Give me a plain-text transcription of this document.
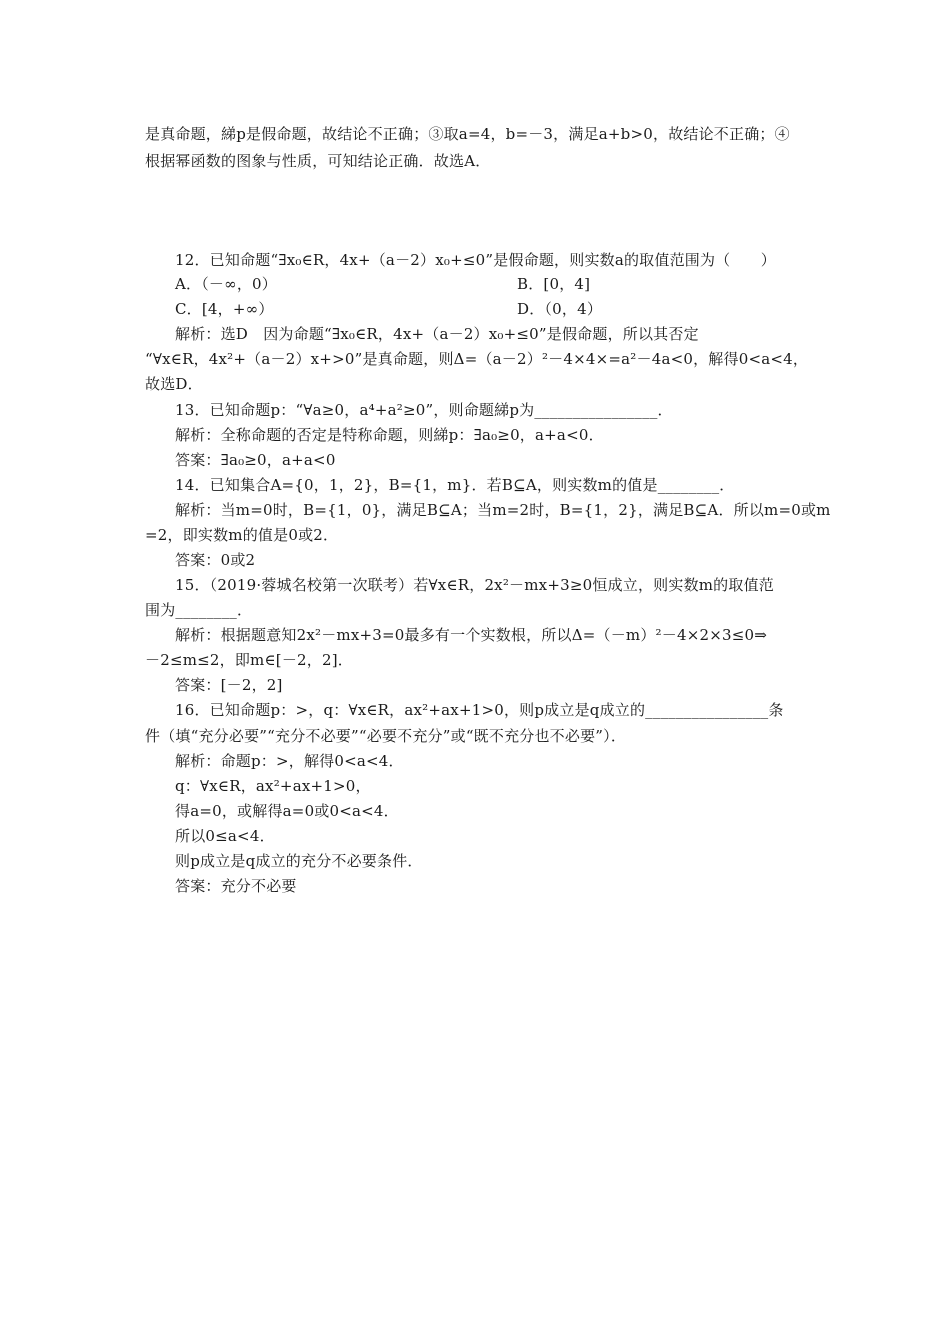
是真命题，綈p是假命题，故结论不正确；③取a=4，b=－3，满足a+b>0，故结论不正确；④
根据幂函数的图象与性质，可知结论正确．故选A．
12．已知命题“∃x₀∈R，4x+（a－2）x₀+≤0”是假命题，则实数a的取值范围为（　　）
A．（－∞，0）	B．[0，4]
C．[4，+∞）	D．（0，4）
解析：选D　因为命题“∃x₀∈R，4x+（a－2）x₀+≤0”是假命题，所以其否定
“∀x∈R，4x²+（a－2）x+>0”是真命题，则Δ=（a－2）²－4×4×=a²－4a<0，解得0<a<4，
故选D．
13．已知命题p：“∀a≥0，a⁴+a²≥0”，则命题綈p为________________．
解析：全称命题的否定是特称命题，则綈p：∃a₀≥0，a+a<0．
答案：∃a₀≥0，a+a<0
14．已知集合A={0，1，2}，B={1，m}．若B⊆A，则实数m的值是________．
解析：当m=0时，B={1，0}，满足B⊆A；当m=2时，B={1，2}，满足B⊆A．所以m=0或m
=2，即实数m的值是0或2．
答案：0或2
15．（2019·蓉城名校第一次联考）若∀x∈R，2x²－mx+3≥0恒成立，则实数m的取值范
围为________．
解析：根据题意知2x²－mx+3=0最多有一个实数根，所以Δ=（－m）²－4×2×3≤0⇒
－2≤m≤2，即m∈[－2，2]．
答案：[－2，2]
16．已知命题p：>，q：∀x∈R，ax²+ax+1>0，则p成立是q成立的________________条
件（填“充分必要”“充分不必要”“必要不充分”或“既不充分也不必要”）．
解析：命题p：>，解得0<a<4．
q：∀x∈R，ax²+ax+1>0，
得a=0，或解得a=0或0<a<4．
所以0≤a<4．
则p成立是q成立的充分不必要条件．
答案：充分不必要
